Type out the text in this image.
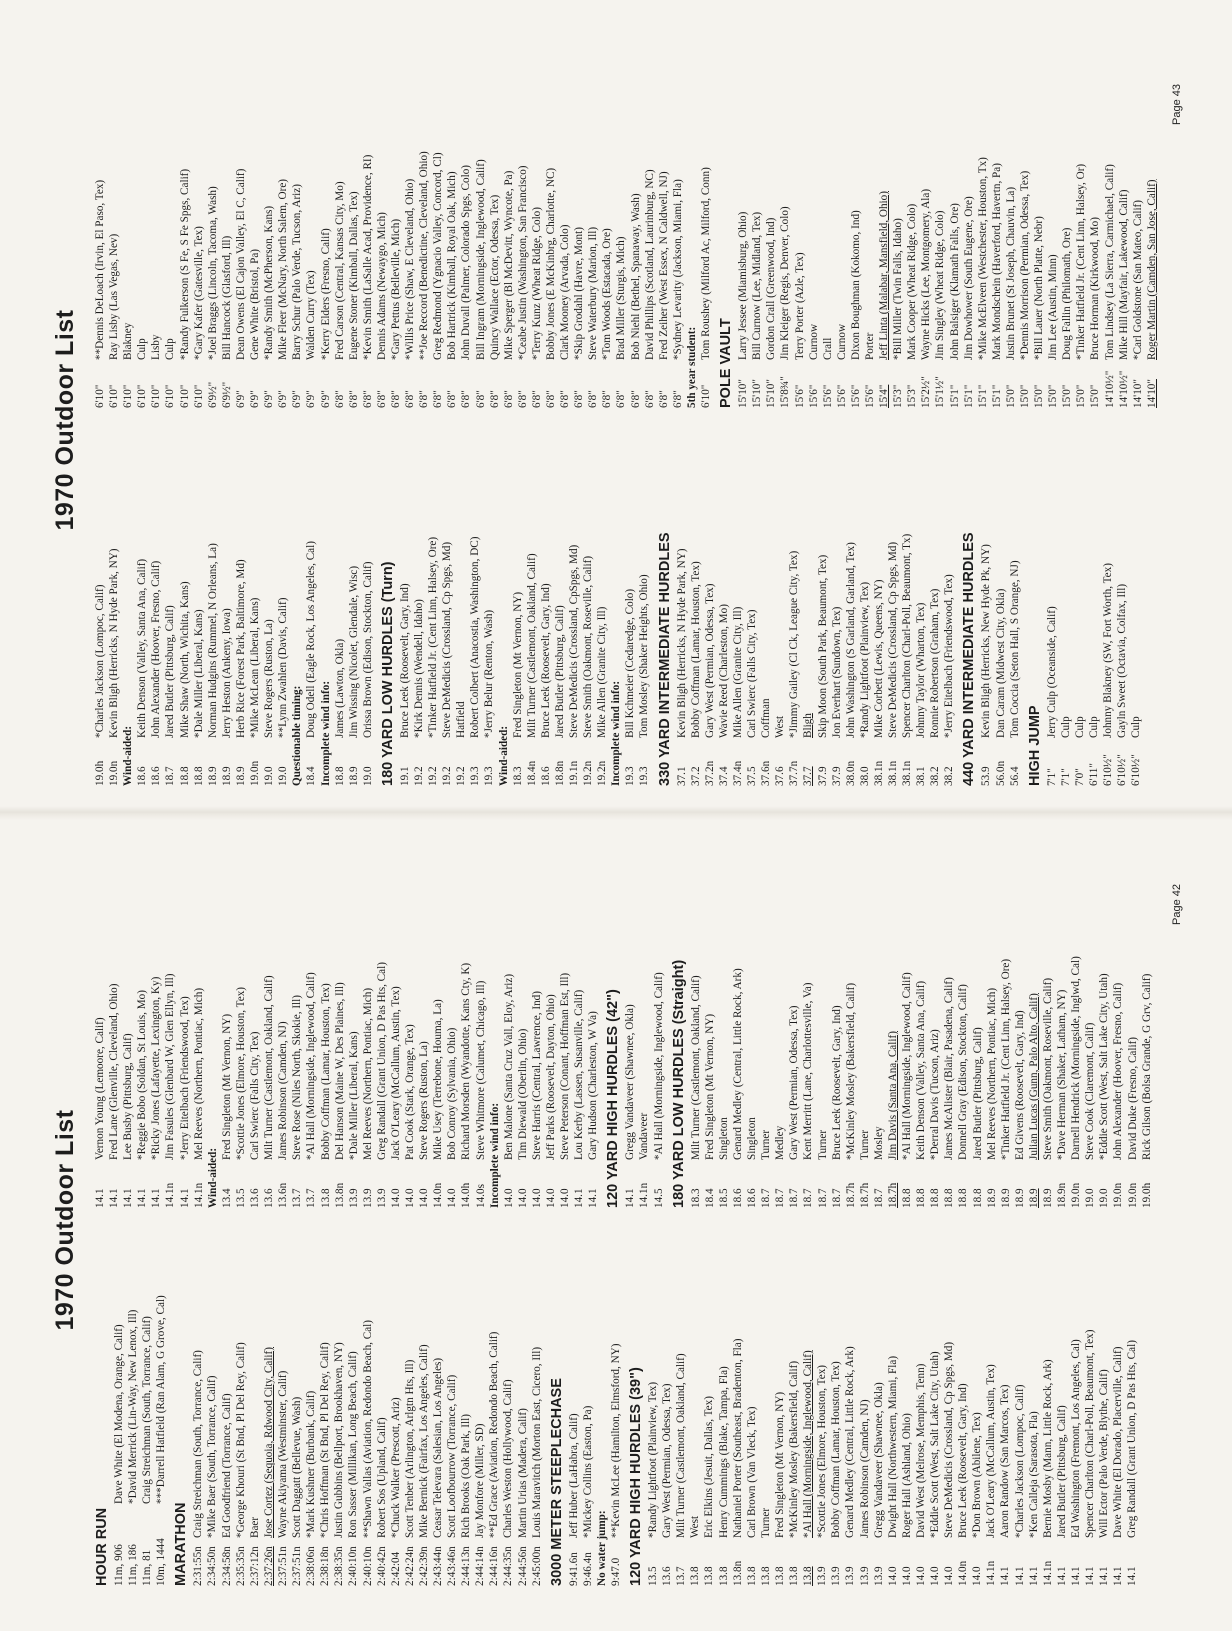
1970 Outdoor List
19.0h
*Charles Jackson (Lompoc, Calif)
19.0n
Kevin Bligh (Herricks, N Hyde Park, NY)
Wind-aided: 18.6
Keith Denson (Valley, Santa Ana, Calif)
18.6
John Alexander (Hoover, Fresno, Calif)
18.7
Jared Butler (Pittsburg, Calif)
18.8
Mike Shaw (North, Wichita, Kans)
18.8
*Dale Miller (Liberal, Kans)
18.9
Norman Hudgins (Rummel, N Orleans, La)
18.9
Jerry Heston (Ankeny, Iowa)
18.9
Herb Rice (Forest Park, Baltimore, Md)
19.0n
*Mike McLean (Liberal, Kans)
19.0
Steve Rogers (Ruston, La)
19.0
**Lynn Zwahlen (Davis, Calif) Questionable timing: 18.4
Doug Odell (Eagle Rock, Los Angeles, Cal) Incomplete wind info: 18.8
James (Lawton, Okla)
18.9
Jim Wissing (Nicolet, Glendale, Wisc)
19.0
Orissa Brown (Edison, Stockton, Calif) 180 YARD LOW HURDLES (Turn) 19.1
Bruce Leek (Roosevelt, Gary, Ind)
19.2
*Kirk Dennis (Wendell, Idaho)
19.2
*Tinker Hatfield Jr. (Cent Linn, Halsey, Ore)
19.2
Steve DeMedicis (Crossland, Cp Spgs, Md)
19.2
Hatfield
19.3
Robert Colbert (Anacostia, Washington, DC)
19.3
*Jerry Belur (Renton, Wash)
Wind-aided: 18.3
Fred Singleton (Mt Vernon, NY)
18.4n
Milt Turner (Castlemont, Oakland, Calif)
18.6
Bruce Leek (Roosevelt, Gary, Ind)
18.8n
Jared Butler (Pittsburg, Calif)
19.1n
Steve DeMedicis (Crossland, CpSpgs, Md)
19.2n
Steve Smith (Oakmont, Roseville, Calif)
19.2n
Mike Allen (Granite City, Ill) Incomplete wind info: 19.3
Bill Kchmeier (Cedaredge, Colo)
19.3
Tom Mosley (Shaker Heights, Ohio) 330 YARD INTERMEDIATE HURDLES 37.1
Kevin Bligh (Herricks, N Hyde Park, NY)
37.2
Bobby Coffman (Lamar, Houston, Tex)
37.2n
Gary West (Permian, Odessa, Tex)
37.4
Wavie Reed (Charleston, Mo)
37.4n
Mike Allen (Granite City, Ill)
37.5
Carl Swierc (Falls City, Tex)
37.6n
Coffman
37.6
West
37.7n
*Jimmy Gailey (Cl Ck, League City, Tex)
37.7
Bligh
37.9
Skip Moon (South Park, Beaumont, Tex)
37.9
Jon Everhart (Sundown, Tex)
38.0n
John Washington (S Garland, Garland, Tex)
38.0
*Randy Lightfoot (Plainview, Tex)
38.1n
Mike Corbett (Lewis, Queens, NY)
38.1n
Steve DeMedicis (Crossland, Cp Spgs, Md)
38.1n
Spencer Charlton (Charl-Poll, Beaumont, Tx)
38.1
Johnny Taylor (Wharton, Tex)
38.2
Ronnie Robertson (Graham, Tex)
38.2
*Jerry Eitelbach (Friendswood, Tex) 440 YARD INTERMEDIATE HURDLES 53.9
Kevin Bligh (Herricks, New Hyde Pk, NY)
56.0n
Dan Caram (Midwest City, Okla)
56.4
Tom Coccia (Seton Hall, S Orange, NJ)
HIGH JUMP 7'1"
Jerry Culp (Oceanside, Calif)
7'1"
Culp
7'0"
Culp
6'11"
Culp
6'10½"
Johnny Blakney (SW, Fort Worth, Tex)
6'10½"
Gayln Sweet (Octavia, Colfax, Ill)
6'10½"
Culp
6'10"
**Dennis DeLoach (Irvin, El Paso, Tex)
6'10"
Ray Lisby (Las Vegas, Nev)
6'10"
Blakney
6'10"
Culp
6'10"
Lisby
6'10"
Culp
6'10"
*Randy Fulkerson (S Fe, S Fe Spgs, Calif)
6'10"
*Gary Kafer (Gatesville, Tex)
6'9½"
*Joel Braggs (Lincoln, Tacoma, Wash)
6'9½"
Bill Hancock (Glasford, Ill)
6'9"
Dean Owens (El Cajon Valley, El C, Calif)
6'9"
Gene White (Bristol, Pa)
6'9"
*Randy Smith (McPherson, Kans)
6'9"
Mike Fleer (McNary, North Salem, Ore)
6'9"
Barry Schur (Palo Verde, Tucson, Ariz)
6'9"
Walden Curry (Tex)
6'9"
*Kerry Elders (Fresno, Calif)
6'8"
Fred Carson (Central, Kansas City, Mo)
6'8"
Eugene Stoner (Kimball, Dallas, Tex)
6'8"
*Kevin Smith (LaSalle Acad, Providence, RI)
6'8"
Dennis Adams (Newaygo, Mich)
6'8"
*Gary Pettus (Belleville, Mich)
6'8"
*Willis Price (Shaw, E Cleveland, Ohio)
6'8"
**Joe Reccord (Benedictine, Cleveland, Ohio)
6'8"
Greg Redmond (Ygnacio Valley, Concord, Cl)
6'8"
Bob Hartrick (Kimball, Royal Oak, Mich)
6'8"
John Duvall (Palmer, Colorado Spgs, Colo)
6'8"
Bill Ingram (Morningside, Inglewood, Calif)
6'8"
Quincy Wallace (Ector, Odessa, Tex)
6'8"
Mike Sperger (Bl McDevitt, Wyncote, Pa)
6'8"
*Ceabe Justin (Washington, San Francisco)
6'8"
*Terry Kunz (Wheat Ridge, Colo)
6'8"
Bobby Jones (E McKinbrg, Charlotte, NC)
6'8"
Clark Mooney (Arvada, Colo)
6'8"
*Skip Grodahl (Havre, Mont)
6'8"
Steve Waterbury (Marion, Ill)
6'8"
*Tom Woods (Estacada, Ore)
6'8"
Brad Miller (Sturgis, Mich)
6'8"
Bob Niehl (Bethel, Spanaway, Wash)
6'8"
David Phillips (Scotland, Laurinburg, NC)
6'8"
Fred Zeiher (West Essex, N Caldwell, NJ)
6'8"
*Sydney Levarity (Jackson, Miami, Fla)
5th year student: 6'10"
Tom Roushey (Milford Ac, Milford, Conn)
POLE VAULT 15'10"
Larry Jessee (Miamisburg, Ohio)
15'10"
Bill Curnow (Lee, Midland, Tex)
15'10"
Gordon Crall (Greenwood, Ind)
15'8¾"
Jim Kleiger (Regis, Denver, Colo)
15'6"
Terry Porter (Azle, Tex)
15'6"
Curnow
15'6"
Crall
15'6"
Curnow
15'6"
Dixon Boughman (Kokomo, Ind)
15'6"
Porter
15'4"
Jeff Linta (Malabar, Mansfield, Ohio)
15'3"
*Bill Miller (Twin Falls, Idaho)
15'3"
Mark Cooper (Wheat Ridge, Colo)
15'2½"
Wayne Hicks (Lee, Montgomery, Ala)
15'1½"
Jim Singley (Wheat Ridge, Colo)
15'1"
John Balsiger (Klamath Falls, Ore)
15'1"
Jim Dowhower (South Eugene, Ore)
15'1"
*Mike McElveen (Westchester, Houston, Tx)
15'1"
Mark Mondschein (Haverford, Havertn, Pa)
15'0"
Justin Brunet (St Joseph, Chauvin, La)
15'0"
*Dennis Morrison (Permian, Odessa, Tex)
15'0"
*Bill Lauer (North Platte, Nebr)
15'0"
Jim Lee (Austin, Minn)
15'0"
Doug Fallin (Philomath, Ore)
15'0"
*Tinker Hatfield Jr. (Cent Linn, Halsey, Or)
15'0"
Bruce Horman (Kirkwood, Mo)
14'10½"
Tom Lindsey (La Sierra, Carmichael, Calif)
14'10½"
Mike Hill (Mayfair, Lakewood, Calif)
14'10"
*Carl Goldstone (San Mateo, Calif)
14'10"
Roger Martin (Camden, San Jose, Calif)
Page 43
1970 Outdoor List
HOUR RUN 11m, 906
Dave White (El Modena, Orange, Calif)
11m, 186
*David Merrick (Lin-Way, New Lenox, Ill)
11m, 81
Craig Streichman (South, Torrance, Calif)
10m, 1444
***Darrell Hatfield (Ran Alam, G Grove, Cal)
MARATHON 2:31:55n
Craig Streichman (South, Torrance, Calif)
2:34:50n
*Mike Baer (South, Torrance, Calif)
2:34:58n
Ed Goodfriend (Torrance, Calif)
2:35:35n
*George Khouri (St Bnd, Pl Del Rey, Calif)
2:37:12n
Baer
2:37:26n
Jose Cortez (Sequoia, Rdwood City, Calif)
2:37:51n
Wayne Akiyama (Westminster, Calif)
2:37:51n
Scott Daggatt (Bellevue, Wash)
2:38:06n
*Mark Kushner (Burbank, Calif)
2:38:18n
*Chris Hoffman (St Bnd, Pl Del Rey, Calif)
2:38:35n
Justin Gubbins (Bellport, Brookhaven, NY)
2:40:10n
Ron Sasser (Millikan, Long Beach, Calif)
2:40:10n
**Shawn Vallas (Aviation, Redondo Beach, Cal)
2:40:42n
Robert Sos (Upland, Calif)
2:42:04
*Chuck Walker (Prescott, Ariz)
2:42:24n
Scott Tenber (Arlington, Arlgtn Hts, Ill)
2:42:39n
Mike Bernick (Fairfax, Los Angeles, Calif)
2:43:44n
Ceasar Televara (Salesian, Los Angeles)
2:43:46n
Scott Loofbourrow (Torrance, Calif)
2:44:13n
Rich Brooks (Oak Park, Ill)
2:44:14n
Jay Monfore (Miller, SD)
2:44:16n
**Ed Grace (Aviation, Redondo Beach, Calif)
2:44:35n
Charles Weston (Hollywood, Calif)
2:44:56n
Martin Urias (Madera, Calif)
2:45:00n
Louis Maravitch (Morton East, Cicero, Ill) 3000 METER STEEPLECHASE 9:41.6n
Jeff Huber (LaHabra, Calif)
9:46.4n
*Mickey Collins (Easton, Pa)
No water jump: 9:47.0
**Kevin McLee (Hamilton, Elmsford, NY) 120 YARD HIGH HURDLES (39") 13.5
*Randy Lightfoot (Plainview, Tex)
13.6
Gary West (Permian, Odessa, Tex)
13.7
Milt Turner (Castlemont, Oakland, Calif)
13.8
West
13.8
Eric Elkins (Jesuit, Dallas, Tex)
13.8
Henry Cummings (Blake, Tampa, Fla)
13.8n
Nathaniel Porter (Southeast, Bradenton, Fla)
13.8
Carl Brown (Van Vleck, Tex)
13.8
Turner
13.8
Fred Singleton (Mt Vernon, NY)
13.8
*McKinley Mosley (Bakersfield, Calif)
13.8
*Al Hall (Morningside, Inglewood, Calif)
13.9
*Scottie Jones (Elmore, Houston, Tex)
13.9
Bobby Coffman (Lamar, Houston, Tex)
13.9
Genard Medley (Central, Little Rock, Ark)
13.9
James Robinson (Camden, NJ)
13.9
Gregg Vandaveer (Shawnee, Okla)
14.0
Dwight Hall (Northwestern, Miami, Fla)
14.0
Roger Hall (Ashland, Ohio)
14.0
David West (Melrose, Memphis, Tenn)
14.0
*Eddie Scott (West, Salt Lake City, Utah)
14.0
Steve DeMedicis (Crossland, Cp Spgs, Md)
14.0n
Bruce Leek (Roosevelt, Gary, Ind)
14.0
*Don Brown (Abilene, Tex)
14.1n
Jack O'Leary (McCallum, Austin, Tex)
14.1
Aaron Randow (San Marcos, Tex)
14.1
*Charles Jackson (Lompoc, Calif)
14.1
*Ken Calleja (Sarasota, Fla)
14.1n
Bernie Mosby (Mann, Little Rock, Ark)
14.1
Jared Butler (Pittsburg, Calif)
14.1
Ed Washington (Fremont, Los Angeles, Cal)
14.1
Spencer Charlton (Charl-Poll, Beaumont, Tex)
14.1
Will Ector (Palo Verde, Blythe, Calif)
14.1
Dave White (El Dorado, Placerville, Calif)
14.1
Greg Randall (Grant Union, D Pas Hts, Cal)
14.1
Vernon Young (Lemoore, Calif)
14.1
Fred Lane (Glenville, Cleveland, Ohio)
14.1
Lee Busby (Pittsburg, Calif)
14.1
*Reggie Bobo (Soldan, St Louis, Mo)
14.1
*Ricky Jones (Lafayette, Lexington, Ky)
14.1n
Jim Fasules (Glenbard W, Glen Ellyn, Ill)
14.1
*Jerry Eitelbach (Friendswood, Tex)
14.1n
Mel Reeves (Northern, Pontiac, Mich)
Wind-aided: 13.4
Fred Singleton (Mt Vernon, NY)
13.5
*Scottie Jones (Elmore, Houston, Tex)
13.6
Carl Swierc (Falls City, Tex)
13.6
Milt Turner (Castlemont, Oakland, Calif)
13.6n
James Robinson (Camden, NJ)
13.7
Steve Rose (Niles North, Skokie, Ill)
13.7
*Al Hall (Morningside, Inglewood, Calif)
13.8
Bobby Coffman (Lamar, Houston, Tex)
13.8n
Del Hanson (Maine W, Des Plaines, Ill)
13.9
*Dale Miller (Liberal, Kans)
13.9
Mel Reeves (Northern, Pontiac, Mich)
13.9
Greg Randall (Grant Union, D Pas Hts, Cal)
14.0
Jack O'Leary (McCallum, Austin, Tex)
14.0
Pat Cook (Stark, Orange, Tex)
14.0
Steve Rogers (Ruston, La)
14.0n
Mike Usey (Terrebone, Houma, La)
14.0
Bob Conroy (Sylvania, Ohio)
14.0h
Richard Morsden (Wyandotte, Kans Cty, K)
14.0s
Steve Whitmore (Calumet, Chicago, Ill) Incomplete wind info: 14.0
Ben Malone (Santa Cruz Vall, Eloy, Ariz)
14.0
Tim Diewald (Oberlin, Ohio)
14.0
Steve Harris (Central, Lawrence, Ind)
14.0
Jeff Parks (Roosevelt, Dayton, Ohio)
14.0
Steve Peterson (Conant, Hoffman Est, Ill)
14.1
Lou Kerby (Lassen, Susanville, Calif)
14.1
Gary Hudson (Charleston, W Va) 120 YARD HIGH HURDLES (42") 14.1
Gregg Vandaveer (Shawnee, Okla)
14.1n
Vandaveer
14.5
*Al Hall (Morningside, Inglewood, Calif) 180 YARD LOW HURDLES (Straight) 18.3
Milt Turner (Castlemont, Oakland, Calif)
18.4
Fred Singleton (Mt Vernon, NY)
18.5
Singleton
18.6
Genard Medley (Central, Little Rock, Ark)
18.6
Singleton
18.7
Turner
18.7
Medley
18.7
Gary West (Permian, Odessa, Tex)
18.7
Kent Merritt (Lane, Charlottesville, Va)
18.7
Turner
18.7
Bruce Leek (Roosevelt, Gary, Ind)
18.7h
*McKinley Mosley (Bakersfield, Calif)
18.7h
Turner
18.7
Mosley
18.7h
Jim Davis (Santa Ana, Calif)
18.8
*Al Hall (Morningside, Inglewood, Calif)
18.8
Keith Denson (Valley, Santa Ana, Calif)
18.8
*Derral Davis (Tucson, Ariz)
18.8
James McAlister (Blair, Pasadena, Calif)
18.8
Donnell Gray (Edison, Stockton, Calif)
18.8
Jared Butler (Pittsburg, Calif)
18.9
Mel Reeves (Northern, Pontiac, Mich)
18.9
*Tinker Hatfield Jr. (Cent Linn, Halsey, Ore)
18.9
Ed Givens (Roosevelt, Gary, Ind)
18.9
Julian Lucas (Gunn, Palo Alto, Calif)
18.9
Steve Smith (Oakmont, Roseville, Calif)
18.9n
*Dave Herman (Shaker, Latham, NY)
19.0n
Darnell Hendrick (Morningside, Inglwd, Cal)
19.0
Steve Cook (Claremont, Calif)
19.0
*Eddie Scott (West, Salt Lake City, Utah)
19.0n
John Alexander (Hoover, Fresno, Calif)
19.0n
David Duke (Fresno, Calif)
19.0h
Rick Gilson (Bolsa Grande, G Grv, Calif)
Page 42
